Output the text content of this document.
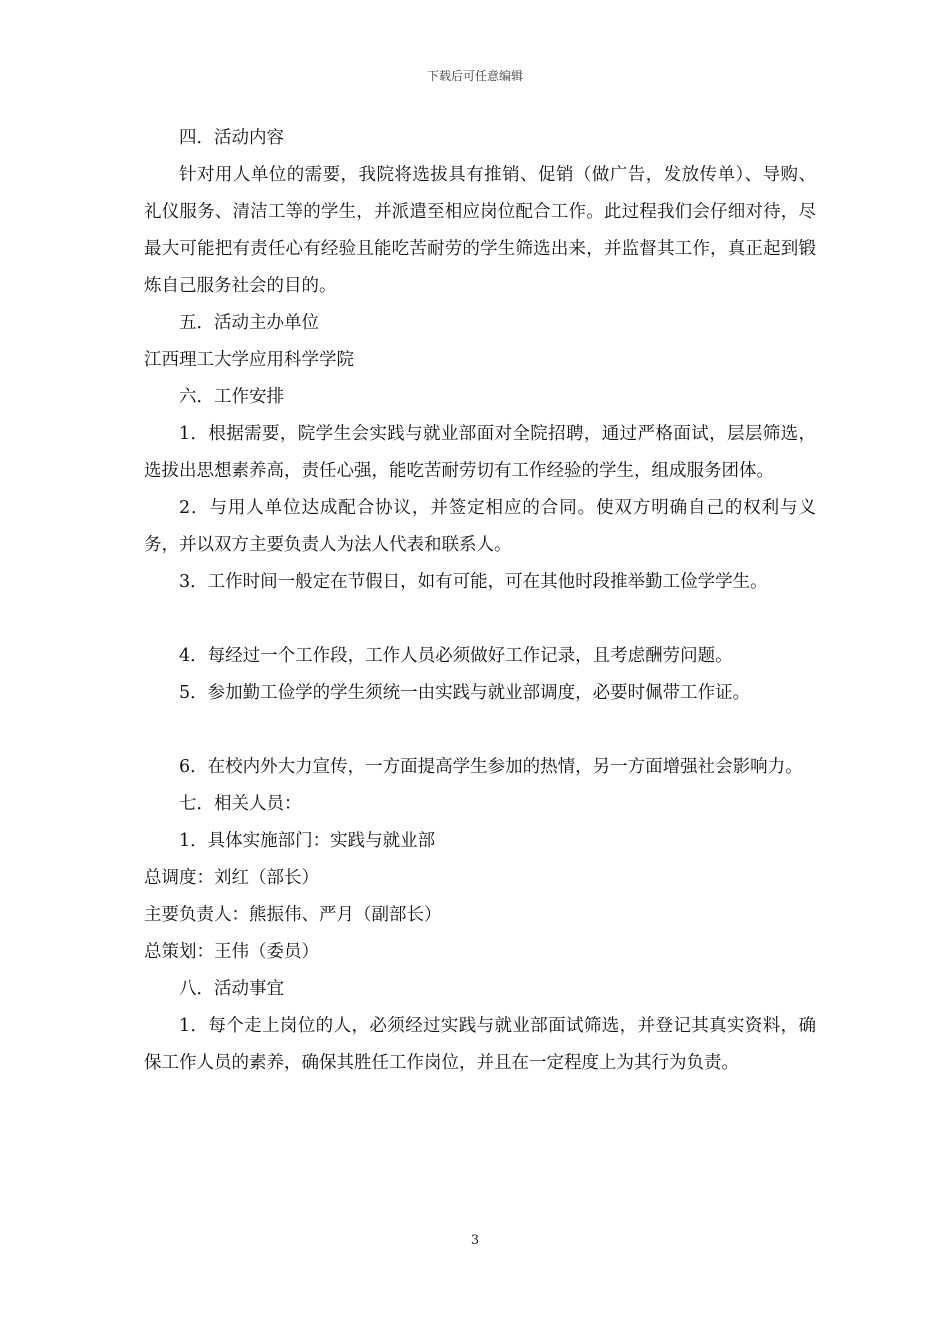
下载后可任意编辑

四．活动内容

针对用人单位的需要，我院将选拔具有推销、促销（做广告，发放传单）、导购、礼仪服务、清洁工等的学生，并派遣至相应岗位配合工作。此过程我们会仔细对待，尽最大可能把有责任心有经验且能吃苦耐劳的学生筛选出来，并监督其工作，真正起到锻炼自己服务社会的目的。

五．活动主办单位

江西理工大学应用科学学院

六．工作安排

1．根据需要，院学生会实践与就业部面对全院招聘，通过严格面试，层层筛选，选拔出思想素养高，责任心强，能吃苦耐劳切有工作经验的学生，组成服务团体。

2．与用人单位达成配合协议，并签定相应的合同。使双方明确自己的权利与义务，并以双方主要负责人为法人代表和联系人。

3．工作时间一般定在节假日，如有可能，可在其他时段推举勤工俭学学生。

4．每经过一个工作段，工作人员必须做好工作记录，且考虑酬劳问题。

5．参加勤工俭学的学生须统一由实践与就业部调度，必要时佩带工作证。

6．在校内外大力宣传，一方面提高学生参加的热情，另一方面增强社会影响力。

七．相关人员：

1．具体实施部门：实践与就业部

总调度：刘红（部长）

主要负责人：熊振伟、严月（副部长）

总策划：王伟（委员）

八．活动事宜

1．每个走上岗位的人，必须经过实践与就业部面试筛选，并登记其真实资料，确保工作人员的素养，确保其胜任工作岗位，并且在一定程度上为其行为负责。

3
